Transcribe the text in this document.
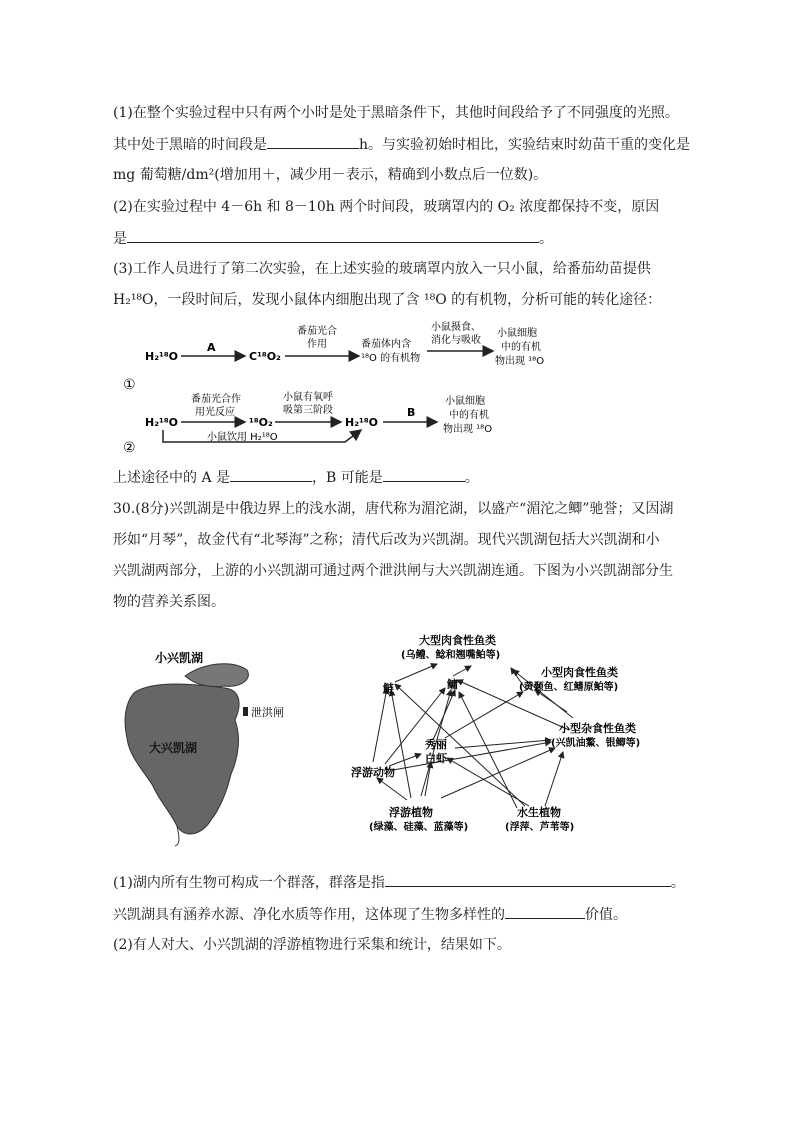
(1)在整个实验过程中只有两个小时是处于黑暗条件下，其他时间段给予了不同强度的光照。
其中处于黑暗的时间段是	h。与实验初始时相比，实验结束时幼苗干重的变化是
mg 葡萄糖/dm²(增加用＋，减少用－表示，精确到小数点后一位数)。
(2)在实验过程中 4－6h 和 8－10h 两个时间段，玻璃罩内的 O₂ 浓度都保持不变，原因
是	。
(3)工作人员进行了第二次实验，在上述实验的玻璃罩内放入一只小鼠，给番茄幼苗提供
H₂¹⁸O，一段时间后，发现小鼠体内细胞出现了含 ¹⁸O 的有机物，分析可能的转化途径：
①
H₂¹⁸O
A
C¹⁸O₂
番茄光合
作用	番茄体内含
¹⁸O 的有机物
小鼠摄食、
消化与吸收
小鼠细胞
中的有机
物出现 ¹⁸O
②
H₂¹⁸O
番茄光合作
用光反应
¹⁸O₂
小鼠有氧呼
吸第三阶段
H₂¹⁸O
B
小鼠细胞
中的有机
物出现 ¹⁸O
小鼠饮用 H₂¹⁸O
上述途径中的 A 是	，B 可能是	。
30.(8分)兴凯湖是中俄边界上的浅水湖，唐代称为湄沱湖，以盛产“湄沱之鲫”驰誉；又因湖
形如“月琴”，故金代有“北琴海”之称；清代后改为兴凯湖。现代兴凯湖包括大兴凯湖和小
兴凯湖两部分，上游的小兴凯湖可通过两个泄洪闸与大兴凯湖连通。下图为小兴凯湖部分生
物的营养关系图。
小兴凯湖
泄洪闸
大兴凯湖
大型肉食性鱼类
(乌鳢、鲶和翘嘴鲌等)
鲢	鳙
小型肉食性鱼类
(黄颡鱼、红鳍原鲌等)
小型杂食性鱼类
(兴凯油鰲、银鲫等)
秀丽
白虾
浮游动物
浮游植物
(绿藻、硅藻、蓝藻等)
水生植物
(浮萍、芦苇等)
(1)湖内所有生物可构成一个群落，群落是指	。
兴凯湖具有涵养水源、净化水质等作用，这体现了生物多样性的	价值。
(2)有人对大、小兴凯湖的浮游植物进行采集和统计，结果如下。
